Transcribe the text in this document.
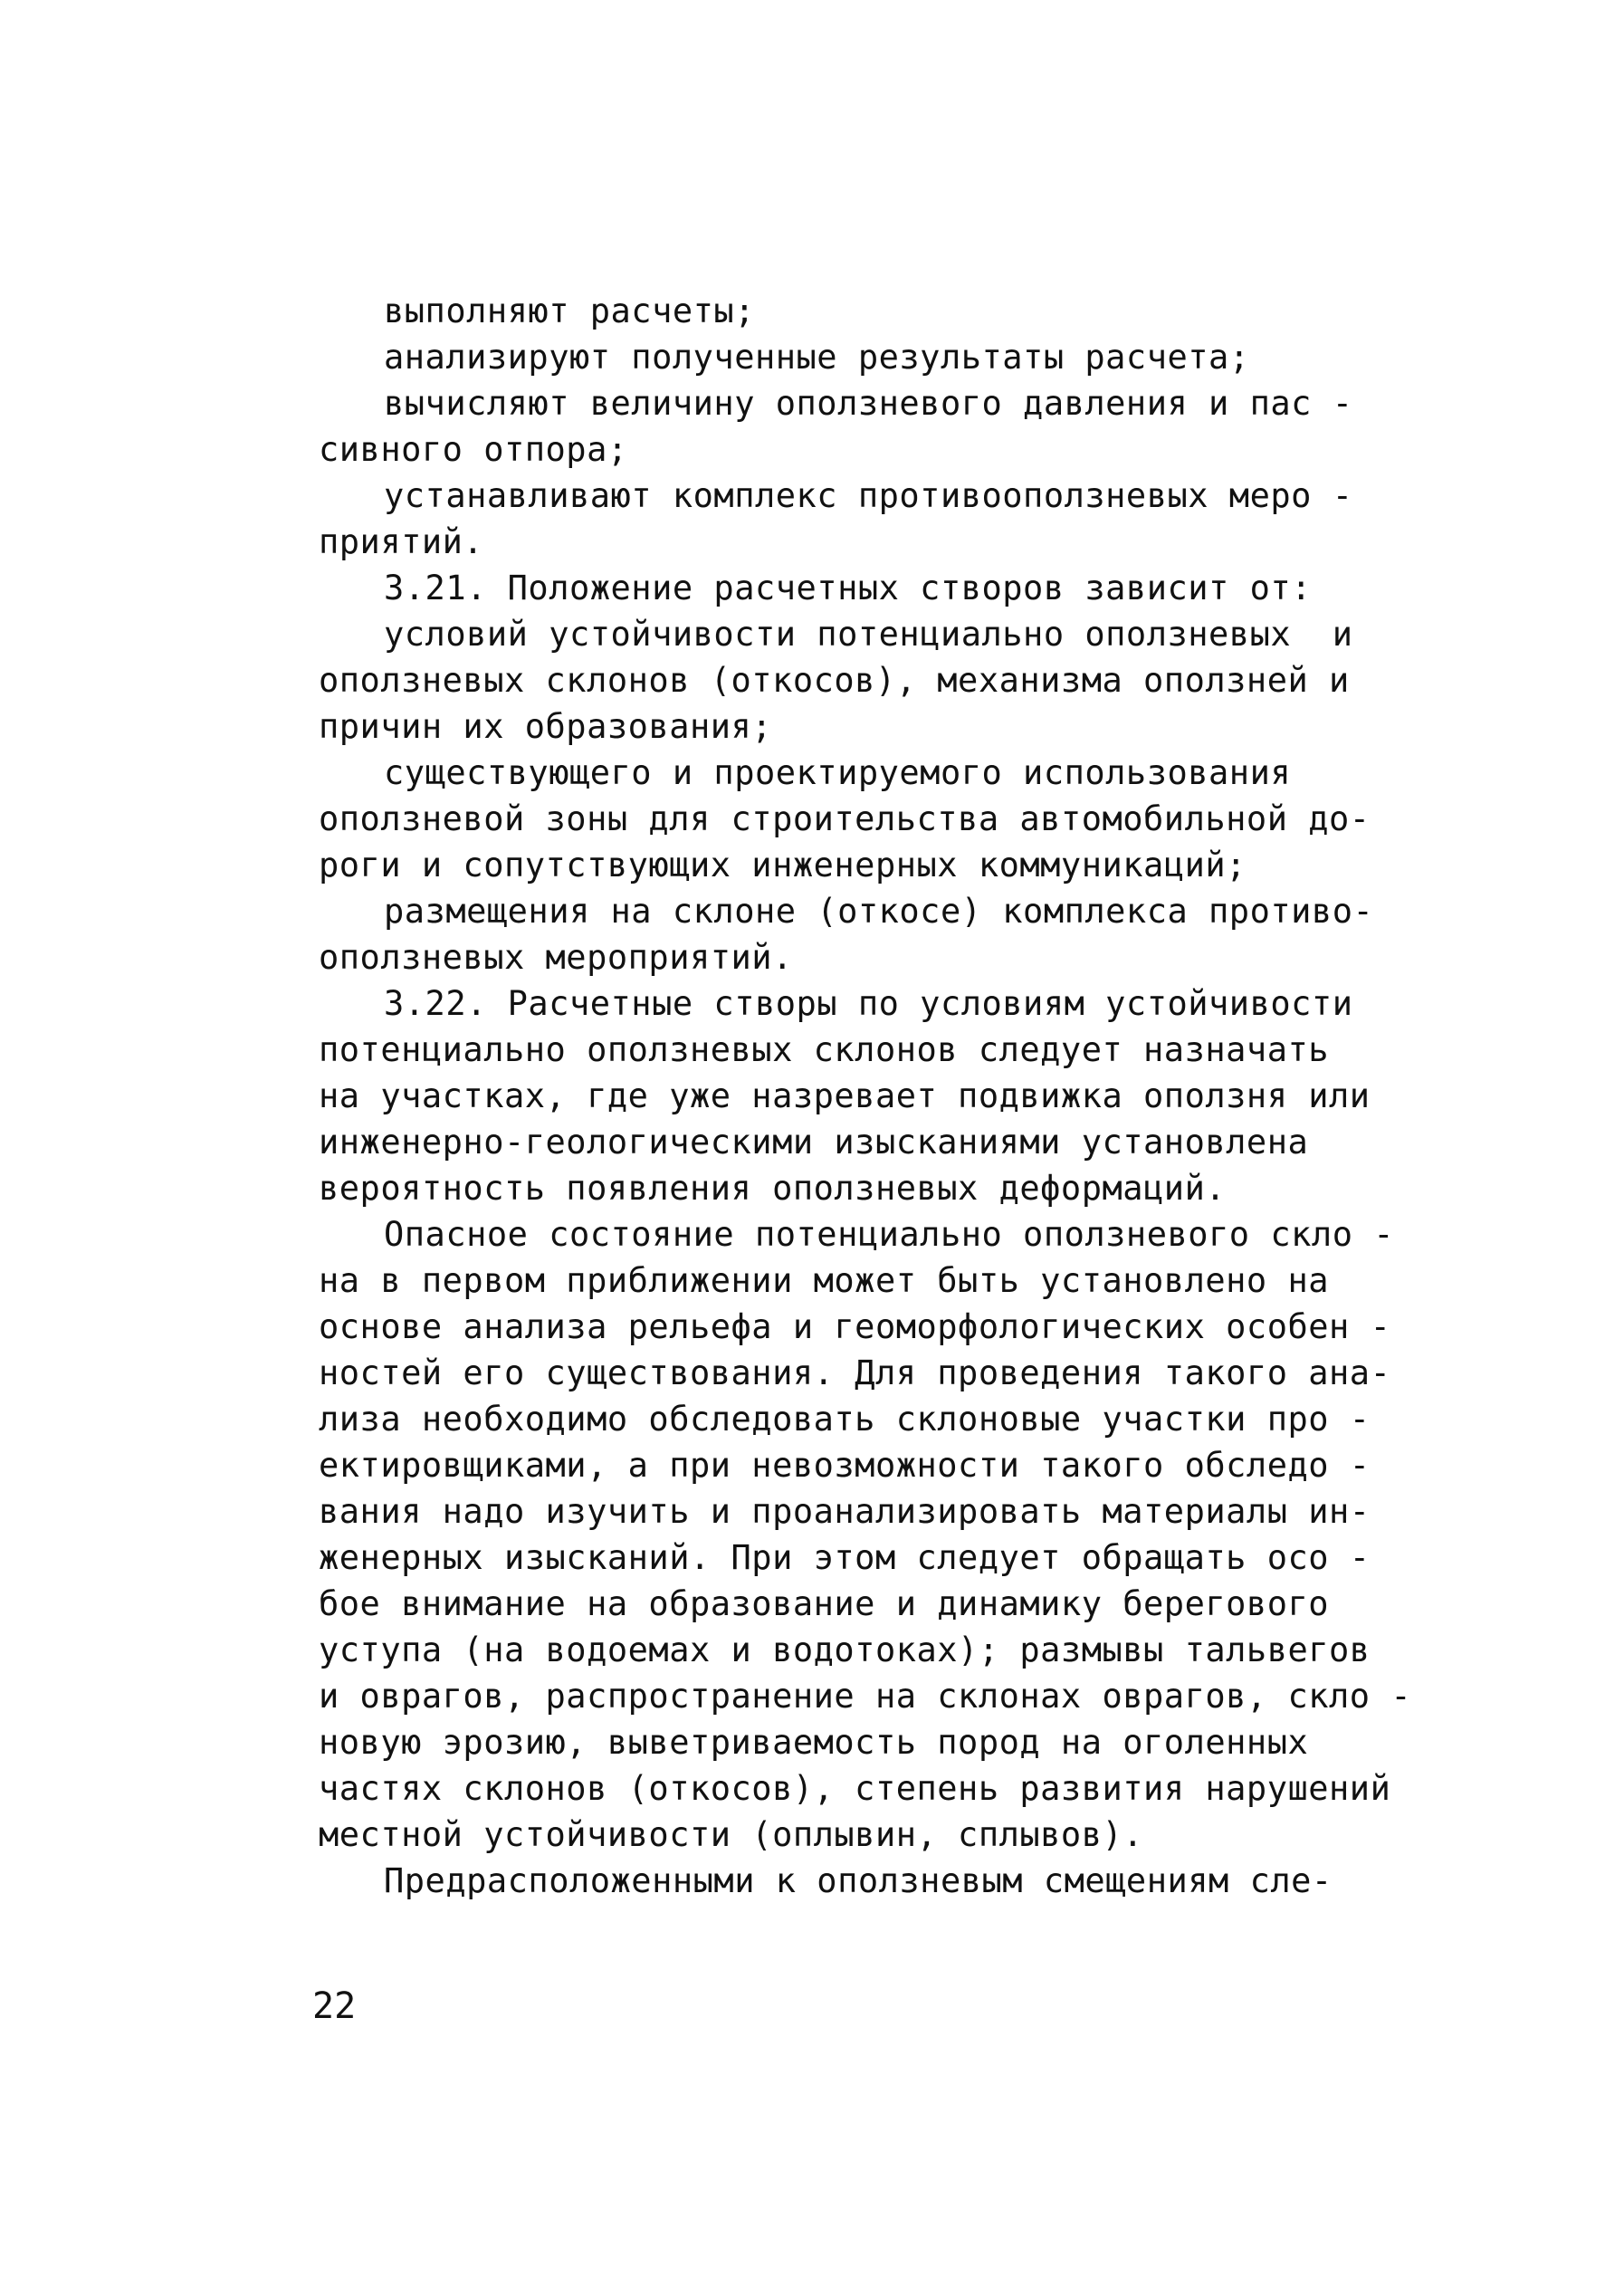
выполняют расчеты;
анализируют полученные результаты расчета;
вычисляют величину оползневого давления и пас -
сивного отпора;
устанавливают комплекс противооползневых меро -
приятий.
3.21. Положение расчетных створов зависит от:
условий устойчивости потенциально оползневых  и
оползневых склонов (откосов), механизма оползней и
причин их образования;
существующего и проектируемого использования
оползневой зоны для строительства автомобильной до-
роги и сопутствующих инженерных коммуникаций;
размещения на склоне (откосе) комплекса противо-
оползневых мероприятий.
3.22. Расчетные створы по условиям устойчивости
потенциально оползневых склонов следует назначать
на участках, где уже назревает подвижка оползня или
инженерно-геологическими изысканиями установлена
вероятность появления оползневых деформаций.
Опасное состояние потенциально оползневого скло -
на в первом приближении может быть установлено на
основе анализа рельефа и геоморфологических особен -
ностей его существования. Для проведения такого ана-
лиза необходимо обследовать склоновые участки про -
ектировщиками, а при невозможности такого обследо -
вания надо изучить и проанализировать материалы ин-
женерных изысканий. При этом следует обращать осо -
бое внимание на образование и динамику берегового
уступа (на водоемах и водотоках); размывы тальвегов
и оврагов, распространение на склонах оврагов, скло -
новую эрозию, выветриваемость пород на оголенных
частях склонов (откосов), степень развития нарушений
местной устойчивости (оплывин, сплывов).
Предрасположенными к оползневым смещениям сле-
22
